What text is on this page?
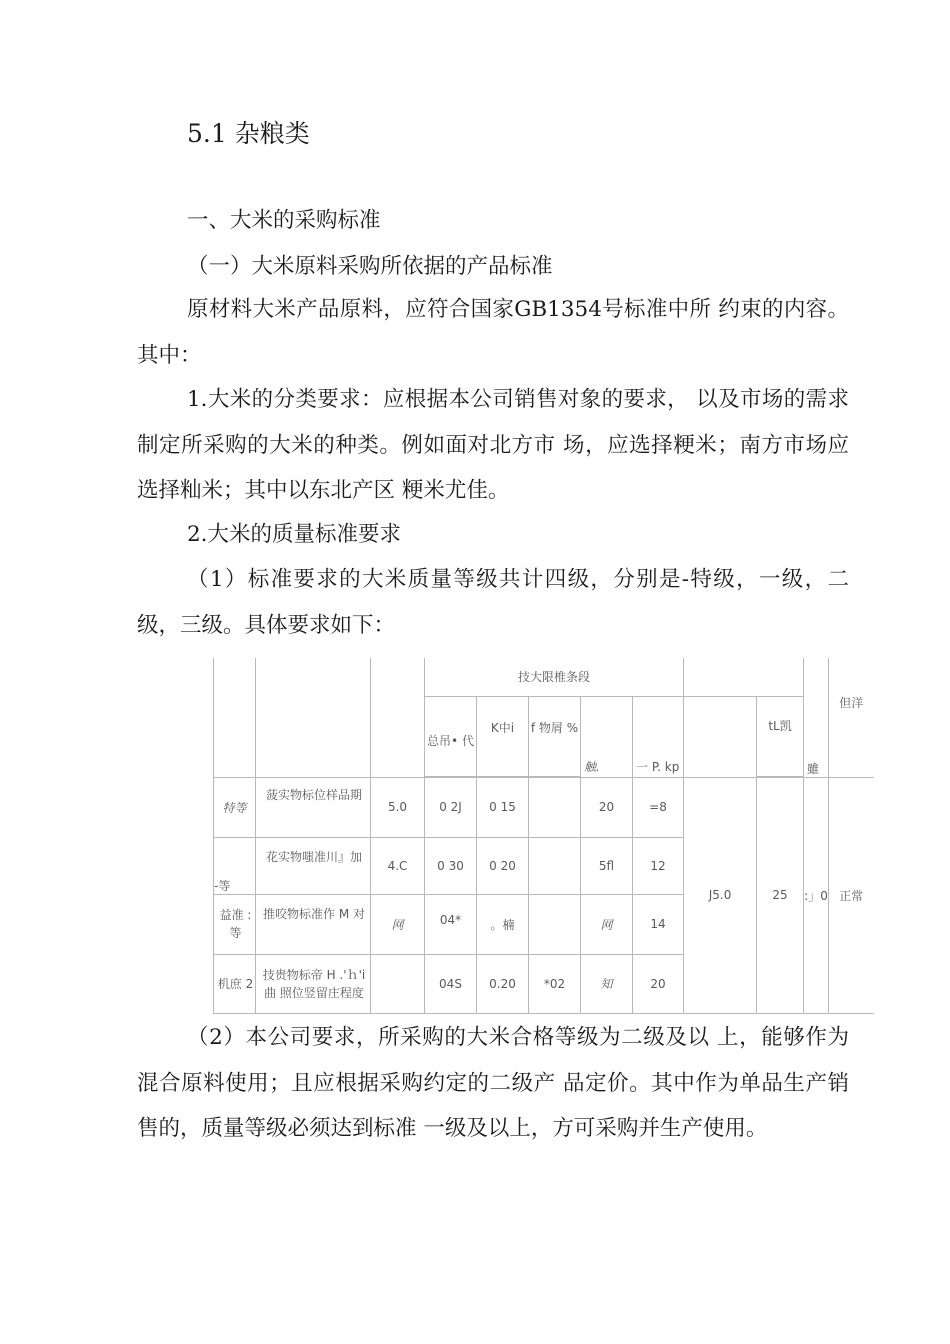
5.1 杂粮类
一、大米的采购标准
（一）大米原料采购所依据的产品标准
原材料大米产品原料，应符合国家GB1354号标准中所 约束的内容。其中：
1.大米的分类要求：应根据本公司销售对象的要求， 以及市场的需求制定所采购的大米的种类。例如面对北方市 场，应选择粳米；南方市场应选择籼米；其中以东北产区 粳米尤佳。
2.大米的质量标准要求
（1）标准要求的大米质量等级共计四级，分别是-特级，一级，二级，三级。具体要求如下：
			技大限椎条段							雖	但洋
			总吊• 代	K中i	f 物屑 %	触.	一 P. kp		tL凯		

特等	菠实物标位样品期	5.0	0 2J	0 15		20	=8	J5.0	25	:」0	正常
-等	花实物嗤准川』加	4.C	0 30	0 20		5fl	12				
益准 :等	推咬物标准作 M 对	网	04*	。楠		网	14				
机庶 2	技贵物标帝 H .'ｈ'i 曲 照位竖留庄程度		04S	0.20	*02	知	20				
（2）本公司要求，所采购的大米合格等级为二级及以 上，能够作为混合原料使用；且应根据采购约定的二级产 品定价。其中作为单品生产销售的，质量等级必须达到标准 一级及以上，方可采购并生产使用。
